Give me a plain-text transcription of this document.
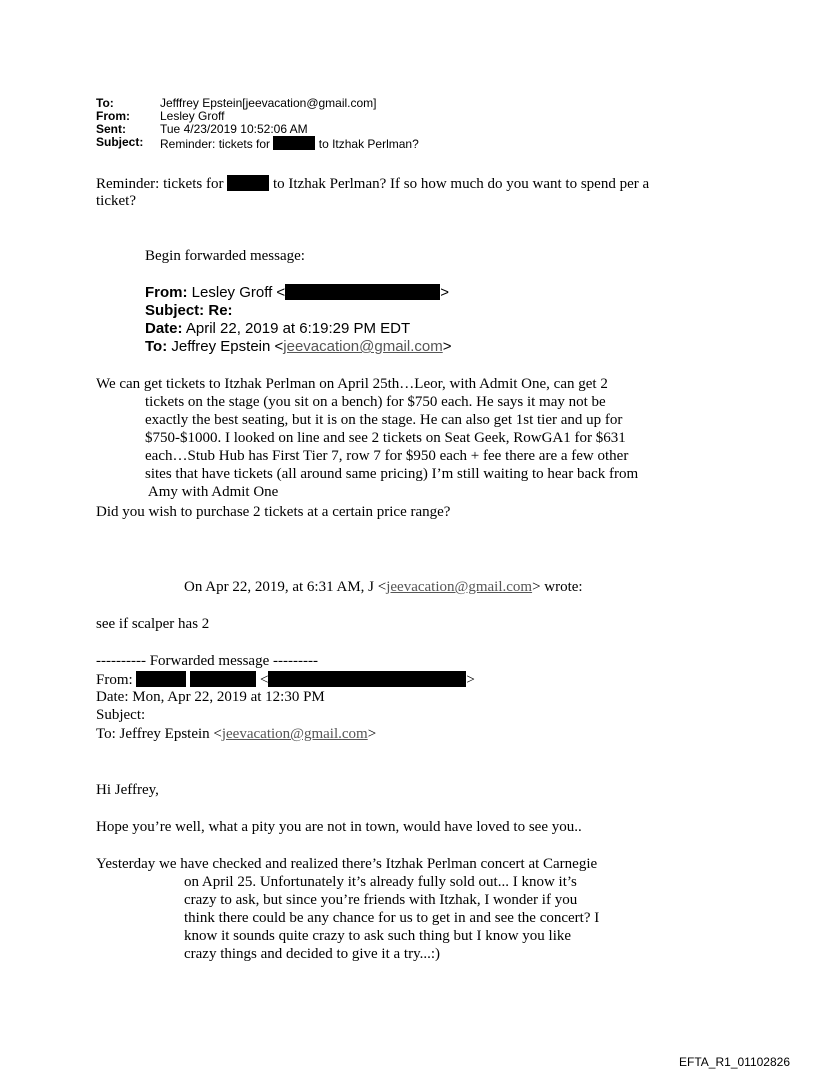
To:	Jefffrey Epstein[jeevacation@gmail.com]
From:	Lesley Groff
Sent:	Tue 4/23/2019 10:52:06 AM
Subject: Reminder: tickets for	to Itzhak Perlman?
Reminder: tickets for	to Itzhak Perlman? If so how much do you want to spend per a
ticket?
Begin forwarded message:
From: Lesley Groff <	>
Subject: Re:
Date: April 22, 2019 at 6:19:29 PM EDT
To: Jeffrey Epstein <jeevacation@gmail.com>
We can get tickets to Itzhak Perlman on April 25th…Leor, with Admit One, can get 2
tickets on the stage (you sit on a bench) for $750 each. He says it may not be
exactly the best seating, but it is on the stage. He can also get 1st tier and up for
$750-$1000. I looked on line and see 2 tickets on Seat Geek, RowGA1 for $631
each…Stub Hub has First Tier 7, row 7 for $950 each + fee there are a few other
sites that have tickets (all around same pricing) I’m still waiting to hear back from
Amy with Admit One
Did you wish to purchase 2 tickets at a certain price range?
On Apr 22, 2019, at 6:31 AM, J <jeevacation@gmail.com> wrote:
see if scalper has 2
---------- Forwarded message ---------
From:	<	>
Date: Mon, Apr 22, 2019 at 12:30 PM
Subject:
To: Jeffrey Epstein <jeevacation@gmail.com>
Hi Jeffrey,
Hope you’re well, what a pity you are not in town, would have loved to see you..
Yesterday we have checked and realized there’s Itzhak Perlman concert at Carnegie
on April 25. Unfortunately it’s already fully sold out... I know it’s
crazy to ask, but since you’re friends with Itzhak, I wonder if you
think there could be any chance for us to get in and see the concert? I
know it sounds quite crazy to ask such thing but I know you like
crazy things and decided to give it a try...:)
EFTA_R1_01102826
